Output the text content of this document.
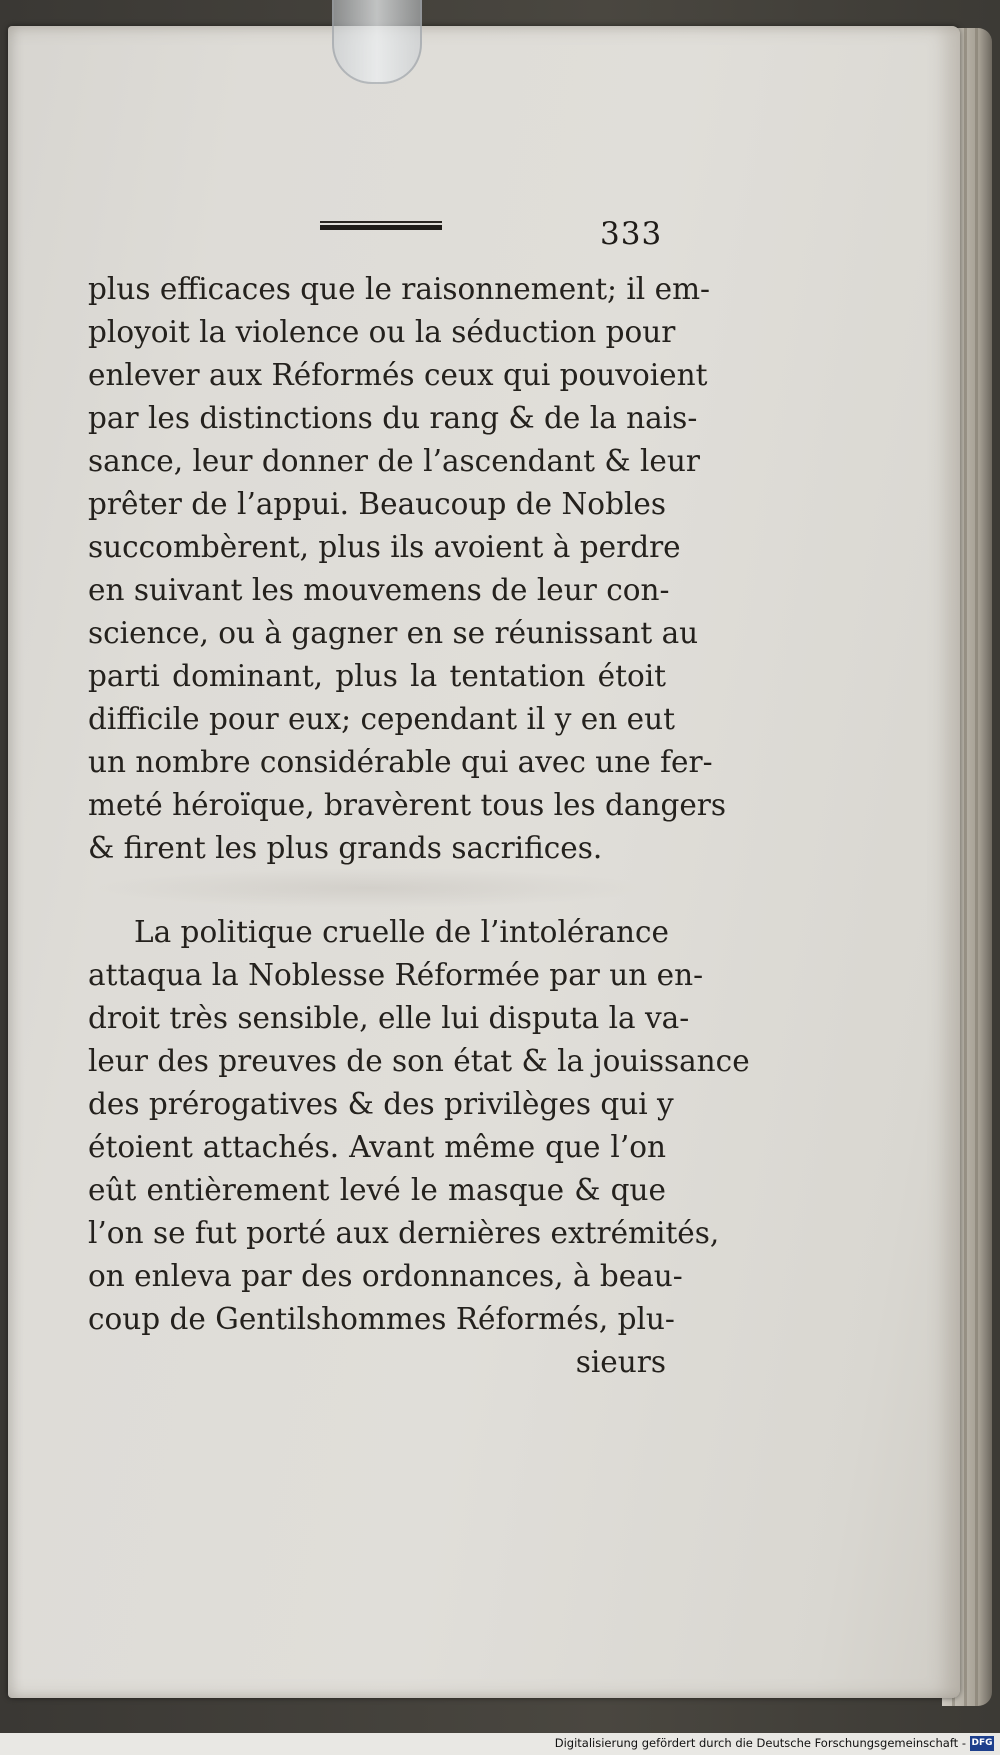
333
plus efficaces que le raisonnement; il em-
ployoit la violence ou la séduction pour
enlever aux Réformés ceux qui pouvoient
par les distinctions du rang & de la nais-
sance, leur donner de l’ascendant & leur
prêter de l’appui. Beaucoup de Nobles
succombèrent, plus ils avoient à perdre
en suivant les mouvemens de leur con-
science, ou à gagner en se réunissant au
parti dominant, plus la tentation étoit
difficile pour eux; cependant il y en eut
un nombre considérable qui avec une fer-
meté héroïque, bravèrent tous les dangers
& firent les plus grands sacrifices.
La politique cruelle de l’intolérance
attaqua la Noblesse Réformée par un en-
droit très sensible, elle lui disputa la va-
leur des preuves de son état & la jouissance
des prérogatives & des privilèges qui y
étoient attachés. Avant même que l’on
eût entièrement levé le masque & que
l’on se fut porté aux dernières extrémités,
on enleva par des ordonnances, à beau-
coup de Gentilshommes Réformés, plu-
sieurs
Digitalisierung gefördert durch die Deutsche Forschungsgemeinschaft - DFG
